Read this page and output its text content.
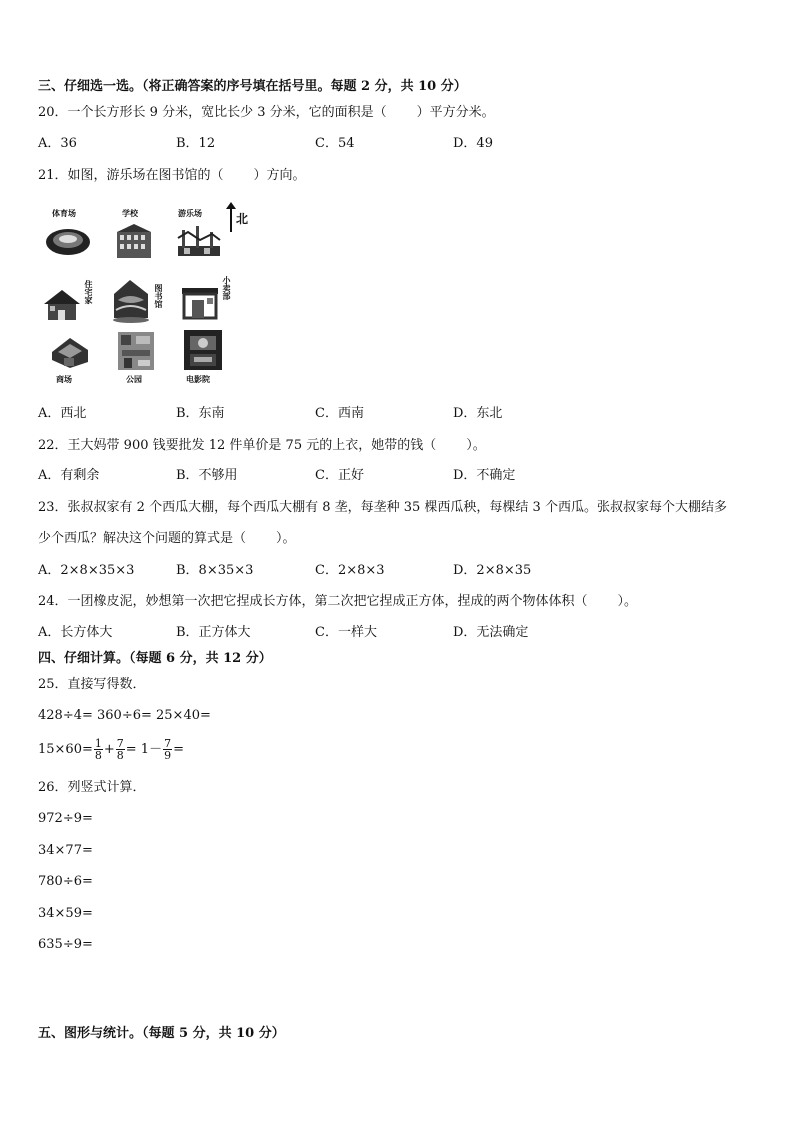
三、仔细选一选。（将正确答案的序号填在括号里。每题 2 分，共 10 分）
20．一个长方形长 9 分米，宽比长少 3 分米，它的面积是（ ）平方分米。
A．36	B．12	C．54	D．49
21．如图，游乐场在图书馆的（ ）方向。
北
体育场	学校	游乐场
住宅家	图书馆	小卖部
商场	公园	电影院
A．西北	B．东南	C．西南	D．东北
22．王大妈带 900 钱要批发 12 件单价是 75 元的上衣，她带的钱（ ）。
A．有剩余	B．不够用	C．正好	D．不确定
23．张叔叔家有 2 个西瓜大棚，每个西瓜大棚有 8 垄，每垄种 35 棵西瓜秧，每棵结 3 个西瓜。张叔叔家每个大棚结多
少个西瓜？解决这个问题的算式是（ ）。
A．2×8×35×3	B．8×35×3	C．2×8×3	D．2×8×35
24．一团橡皮泥，妙想第一次把它捏成长方体，第二次把它捏成正方体，捏成的两个物体体积（ ）。
A．长方体大	B．正方体大	C．一样大	D．无法确定
四、仔细计算。（每题 6 分，共 12 分）
25．直接写得数．
428÷4= 360÷6= 25×40=
$15\times 60= \frac{1}{8} + \frac{7}{8} = 1- \frac{7}{9}$ =
26．列竖式计算．
972÷9=
34×77=
780÷6=
34×59=
635÷9=
五、图形与统计。（每题 5 分，共 10 分）
